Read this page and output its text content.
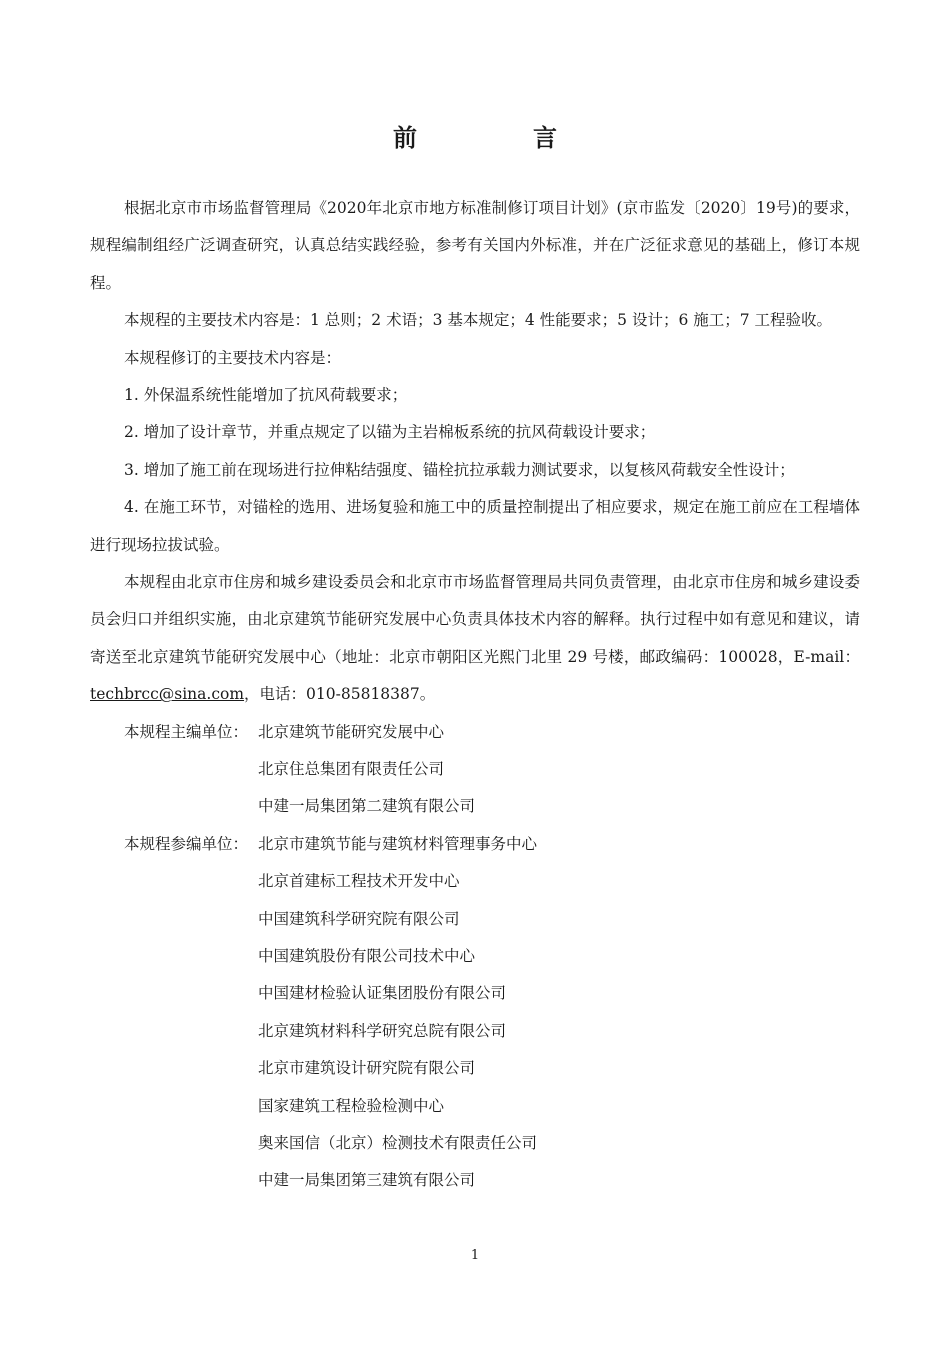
前　言

根据北京市市场监督管理局《2020年北京市地方标准制修订项目计划》(京市监发〔2020〕19号)的要求，规程编制组经广泛调查研究，认真总结实践经验，参考有关国内外标准，并在广泛征求意见的基础上，修订本规程。

本规程的主要技术内容是：1 总则；2 术语；3 基本规定；4 性能要求；5 设计；6 施工；7 工程验收。

本规程修订的主要技术内容是：

1. 外保温系统性能增加了抗风荷载要求；

2. 增加了设计章节，并重点规定了以锚为主岩棉板系统的抗风荷载设计要求；

3. 增加了施工前在现场进行拉伸粘结强度、锚栓抗拉承载力测试要求，以复核风荷载安全性设计；

4. 在施工环节，对锚栓的选用、进场复验和施工中的质量控制提出了相应要求，规定在施工前应在工程墙体进行现场拉拔试验。

本规程由北京市住房和城乡建设委员会和北京市市场监督管理局共同负责管理，由北京市住房和城乡建设委员会归口并组织实施，由北京建筑节能研究发展中心负责具体技术内容的解释。执行过程中如有意见和建议，请寄送至北京建筑节能研究发展中心（地址：北京市朝阳区光熙门北里 29 号楼，邮政编码：100028，E-mail：techbrcc@sina.com，电话：010-85818387。

本规程主编单位： 北京建筑节能研究发展中心
北京住总集团有限责任公司
中建一局集团第二建筑有限公司
本规程参编单位： 北京市建筑节能与建筑材料管理事务中心
北京首建标工程技术开发中心
中国建筑科学研究院有限公司
中国建筑股份有限公司技术中心
中国建材检验认证集团股份有限公司
北京建筑材料科学研究总院有限公司
北京市建筑设计研究院有限公司
国家建筑工程检验检测中心
奥来国信（北京）检测技术有限责任公司
中建一局集团第三建筑有限公司
1
